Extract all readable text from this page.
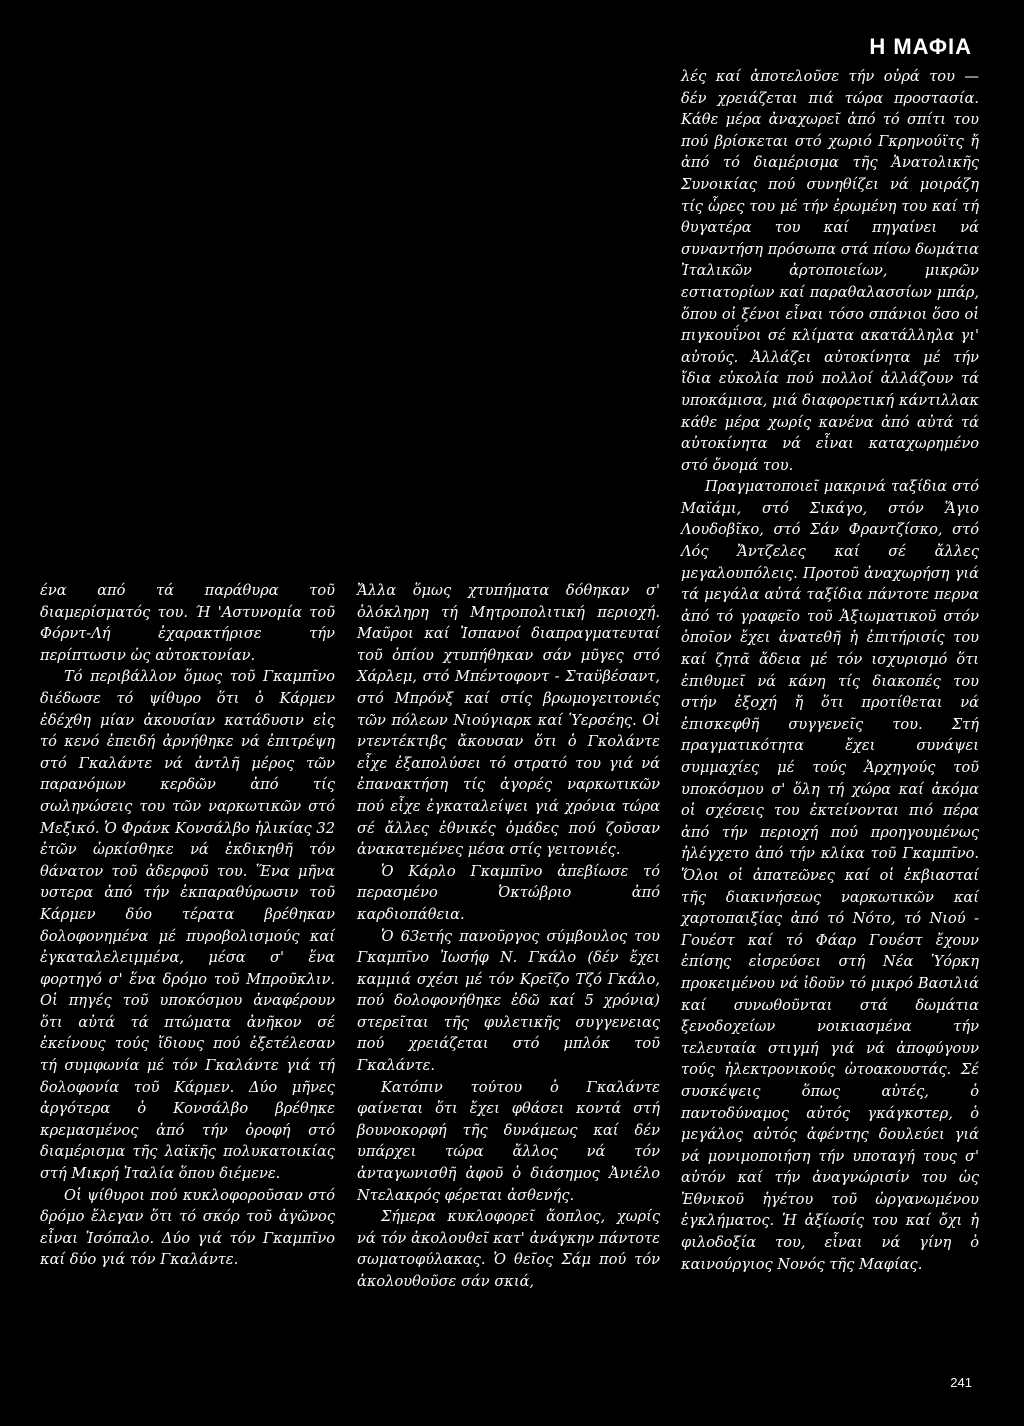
Η ΜΑΦΙΑ

ένα από τά παράθυρα τοῦ διαμερίσματός του. Ή 'Αστυνομία τοῦ Φόρντ-Λή ἐχαρακτήρισε τήν περίπτωσιν ὡς αὐτοκτονίαν.

Τό περιβάλλον ὅμως τοῦ Γκαμπῖνο διέδωσε τό ψίθυρο ὅτι ὁ Κάρμεν ἐδέχθη μίαν ἀκουσίαν κατάδυσιν εἰς τό κενό ἐπειδή ἀρνήθηκε νά ἐπιτρέψη στό Γκαλάντε νά ἀντλῆ μέρος τῶν παρανόμων κερδῶν ἀπό τίς σωληνώσεις του τῶν ναρκωτικῶν στό Μεξικό. Ὁ Φράνκ Κονσάλβο ἡλικίας 32 ἐτῶν ὡρκίσθηκε νά ἐκδικηθῆ τόν θάνατον τοῦ ἀδερφοῦ του. Ἕνα μῆνα υστερα ἀπό τήν ἐκπαραθύρωσιν τοῦ Κάρμεν δύο τέρατα βρέθηκαν δολοφονημένα μέ πυροβολισμούς καί ἐγκαταλελειμμένα, μέσα σ' ἕνα φορτηγό σ' ἕνα δρόμο τοῦ Μπροῦκλιν. Οἱ πηγές τοῦ υποκόσμου ἀναφέρουν ὅτι αὐτά τά πτώματα ἀνῆκον σέ ἐκείνους τούς ἴδιους πού ἐξετέλεσαν τή συμφωνία μέ τόν Γκαλάντε γιά τή δολοφονία τοῦ Κάρμεν. Δύο μῆνες ἀργότερα ὁ Κονσάλβο βρέθηκε κρεμασμένος ἀπό τήν ὀροφή στό διαμέρισμα τῆς λαϊκῆς πολυκατοικίας στή Μικρή Ἰταλία ὅπου διέμενε.

Οἱ ψίθυροι πού κυκλοφοροῦσαν στό δρόμο ἔλεγαν ὅτι τό σκόρ τοῦ ἀγῶνος εἶναι Ἰσόπαλο. Δύο γιά τόν Γκαμπῖνο καί δύο γιά τόν Γκαλάντε.

Ἄλλα ὅμως χτυπήματα δόθηκαν σ' ὁλόκληρη τή Μητροπολιτική περιοχή. Μαῦροι καί Ἰσπανοί διαπραγματευταί τοῦ ὀπίου χτυπήθηκαν σάν μῦγες στό Χάρλεμ, στό Μπέντοφοντ - Σταϋβέσαντ, στό Μπρόνξ καί στίς βρωμογειτονιές τῶν πόλεων Νιούγιαρκ καί Ὑερσέης. Οἱ ντεντέκτιβς ἄκουσαν ὅτι ὁ Γκολάντε εἶχε ἐξαπολύσει τό στρατό του γιά νά ἐπανακτήση τίς ἀγορές ναρκωτικῶν πού εἶχε ἐγκαταλείψει γιά χρόνια τώρα σέ ἄλλες ἐθνικές ὁμάδες πού ζοῦσαν ἀνακατεμένες μέσα στίς γειτονιές.

Ὁ Κάρλο Γκαμπῖνο ἀπεβίωσε τό περασμένο Ὀκτώβριο ἀπό καρδιοπάθεια.

Ὁ 63ετής πανοῦργος σύμβουλος του Γκαμπῖνο Ἰωσήφ Ν. Γκάλο (δέν ἔχει καμμιά σχέσι μέ τόν Κρεῖζο Τζό Γκάλο, πού δολοφονήθηκε ἐδῶ καί 5 χρόνια) στερεῖται τῆς φυλετικῆς συγγενειας πού χρειάζεται στό μπλόκ τοῦ Γκαλάντε.

Κατόπιν τούτου ὁ Γκαλάντε φαίνεται ὅτι ἔχει φθάσει κοντά στή βουνοκορφή τῆς δυνάμεως καί δέν υπάρχει τώρα ἄλλος νά τόν ἀνταγωνισθῆ ἀφοῦ ὁ διάσημος Ἀνιέλο Ντελακρός φέρεται ἀσθενής.

Σήμερα κυκλοφορεῖ ἄοπλος, χωρίς νά τόν ἀκολουθεῖ κατ' ἀνάγκην πάντοτε σωματοφύλακας. Ὁ θεῖος Σάμ πού τόν ἀκολουθοῦσε σάν σκιά,

λές καί ἀποτελοῦσε τήν οὐρά του — δέν χρειάζεται πιά τώρα προστασία. Κάθε μέρα ἀναχωρεῖ ἀπό τό σπίτι του πού βρίσκεται στό χωριό Γκρηνούϊτς ἤ ἀπό τό διαμέρισμα τῆς Ἀνατολικῆς Συνοικίας πού συνηθίζει νά μοιράζη τίς ὧρες του μέ τήν ἐρωμένη του καί τή θυγατέρα του καί πηγαίνει νά συναντήση πρόσωπα στά πίσω δωμάτια Ἰταλικῶν ἀρτοποιείων, μικρῶν εστιατορίων καί παραθαλασσίων μπάρ, ὅπου οἱ ξένοι εἶναι τόσο σπάνιοι ὅσο οἱ πιγκουΐνοι σέ κλίματα ακατάλληλα γι' αὐτούς. Ἀλλάζει αὐτοκίνητα μέ τήν ἴδια εὐκολία πού πολλοί ἀλλάζουν τά υποκάμισα, μιά διαφορετική κάντιλλακ κάθε μέρα χωρίς κανένα ἀπό αὐτά τά αὐτοκίνητα νά εἶναι καταχωρημένο στό ὄνομά του.

Πραγματοποιεῖ μακρινά ταξίδια στό Μαϊάμι, στό Σικάγο, στόν Ἅγιο Λουδοβῖκο, στό Σάν Φραντζίσκο, στό Λός Ἄντζελες καί σέ ἄλλες μεγαλουπόλεις. Προτοῦ ἀναχωρήση γιά τά μεγάλα αὐτά ταξίδια πάντοτε περνα ἀπό τό γραφεῖο τοῦ Ἀξιωματικοῦ στόν ὁποῖον ἔχει ἀνατεθῆ ἡ ἐπιτήρισίς του καί ζητᾶ ἄδεια μέ τόν ισχυρισμό ὅτι ἐπιθυμεῖ νά κάνη τίς διακοπές του στήν ἐξοχή ἤ ὅτι προτίθεται νά ἐπισκεφθῆ συγγενεῖς του. Στή πραγματικότητα ἔχει συνάψει συμμαχίες μέ τούς Ἀρχηγούς τοῦ υποκόσμου σ' ὅλη τή χώρα καί ἀκόμα οἱ σχέσεις του ἐκτείνονται πιό πέρα ἀπό τήν περιοχή πού προηγουμένως ἠλέγχετο ἀπό τήν κλίκα τοῦ Γκαμπῖνο. Ὅλοι οἱ ἀπατεῶνες καί οἱ ἐκβιασταί τῆς διακινήσεως ναρκωτικῶν καί χαρτοπαιξίας ἀπό τό Νότο, τό Νιού - Γουέστ καί τό Φάαρ Γουέστ ἔχουν ἐπίσης εἰσρεύσει στή Νέα Ὑόρκη προκειμένου νά ἰδοῦν τό μικρό Βασιλιά καί συνωθοῦνται στά δωμάτια ξενοδοχείων νοικιασμένα τήν τελευταία στιγμή γιά νά ἀποφύγουν τούς ἠλεκτρονικούς ὠτοακουστάς. Σέ συσκέψεις ὅπως αὐτές, ὁ παντοδύναμος αὐτός γκάγκστερ, ὁ μεγάλος αὐτός ἀφέντης δουλεύει γιά νά μονιμοποιήση τήν υποταγή τους σ' αὐτόν καί τήν ἀναγνώρισίν του ὡς Ἐθνικοῦ ἡγέτου τοῦ ὠργανωμένου ἐγκλήματος. Ἡ ἀξίωσίς του καί ὄχι ἡ φιλοδοξία του, εἶναι νά γίνη ὁ καινούργιος Νονός τῆς Μαφίας.

241
